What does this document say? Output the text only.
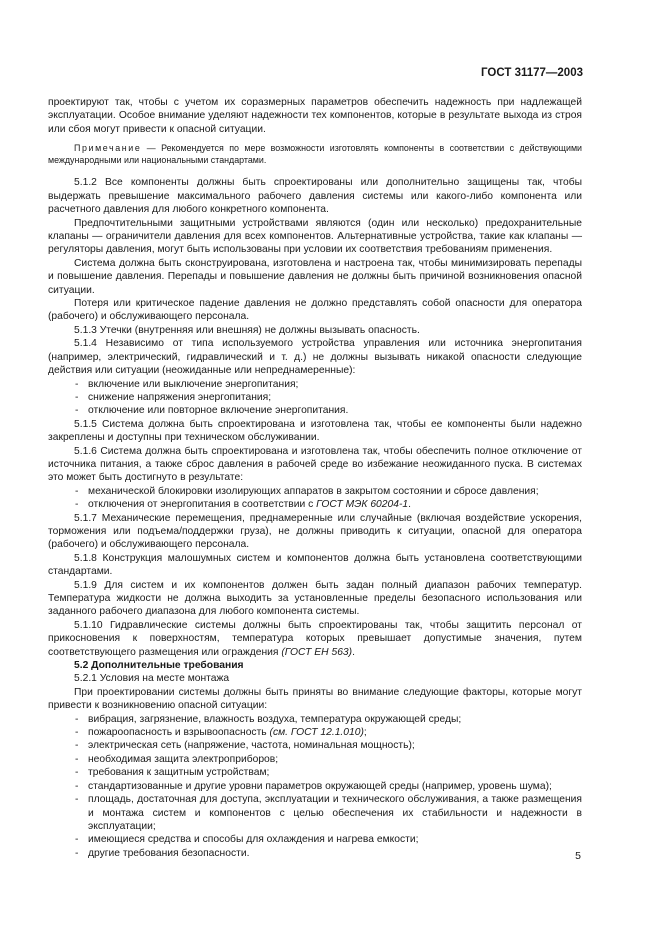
ГОСТ 31177—2003

проектируют так, чтобы с учетом их соразмерных параметров обеспечить надежность при надлежащей эксплуатации. Особое внимание уделяют надежности тех компонентов, которые в результате выхода из строя или сбоя могут привести к опасной ситуации.

Примечание — Рекомендуется по мере возможности изготовлять компоненты в соответствии с действующими международными или национальными стандартами.

5.1.2 Все компоненты должны быть спроектированы или дополнительно защищены так, чтобы выдержать превышение максимального рабочего давления системы или какого-либо компонента или расчетного давления для любого конкретного компонента.

Предпочтительными защитными устройствами являются (один или несколько) предохранительные клапаны — ограничители давления для всех компонентов. Альтернативные устройства, такие как клапаны — регуляторы давления, могут быть использованы при условии их соответствия требованиям применения.

Система должна быть сконструирована, изготовлена и настроена так, чтобы минимизировать перепады и повышение давления. Перепады и повышение давления не должны быть причиной возникновения опасной ситуации.

Потеря или критическое падение давления не должно представлять собой опасности для оператора (рабочего) и обслуживающего персонала.

5.1.3 Утечки (внутренняя или внешняя) не должны вызывать опасность.

5.1.4 Независимо от типа используемого устройства управления или источника энергопитания (например, электрический, гидравлический и т. д.) не должны вызывать никакой опасности следующие действия или ситуации (неожиданные или непреднамеренные):

- включение или выключение энергопитания;

- снижение напряжения энергопитания;

- отключение или повторное включение энергопитания.

5.1.5 Система должна быть спроектирована и изготовлена так, чтобы ее компоненты были надежно закреплены и доступны при техническом обслуживании.

5.1.6 Система должна быть спроектирована и изготовлена так, чтобы обеспечить полное отключение от источника питания, а также сброс давления в рабочей среде во избежание неожиданного пуска. В системах это может быть достигнуто в результате:

- механической блокировки изолирующих аппаратов в закрытом состоянии и сбросе давления;

- отключения от энергопитания в соответствии с ГОСТ МЭК 60204-1.

5.1.7 Механические перемещения, преднамеренные или случайные (включая воздействие ускорения, торможения или подъема/поддержки груза), не должны приводить к ситуации, опасной для оператора (рабочего) и обслуживающего персонала.

5.1.8 Конструкция малошумных систем и компонентов должна быть установлена соответствующими стандартами.

5.1.9 Для систем и их компонентов должен быть задан полный диапазон рабочих температур. Температура жидкости не должна выходить за установленные пределы безопасного использования или заданного рабочего диапазона для любого компонента системы.

5.1.10 Гидравлические системы должны быть спроектированы так, чтобы защитить персонал от прикосновения к поверхностям, температура которых превышает допустимые значения, путем соответствующего размещения или ограждения (ГОСТ ЕН 563).

5.2 Дополнительные требования

5.2.1 Условия на месте монтажа

При проектировании системы должны быть приняты во внимание следующие факторы, которые могут привести к возникновению опасной ситуации:

- вибрация, загрязнение, влажность воздуха, температура окружающей среды;

- пожароопасность и взрывоопасность (см. ГОСТ 12.1.010);

- электрическая сеть (напряжение, частота, номинальная мощность);

- необходимая защита электроприборов;

- требования к защитным устройствам;

- стандартизованные и другие уровни параметров окружающей среды (например, уровень шума);

- площадь, достаточная для доступа, эксплуатации и технического обслуживания, а также размещения и монтажа систем и компонентов с целью обеспечения их стабильности и надежности в эксплуатации;

- имеющиеся средства и способы для охлаждения и нагрева емкости;

- другие требования безопасности.	5
